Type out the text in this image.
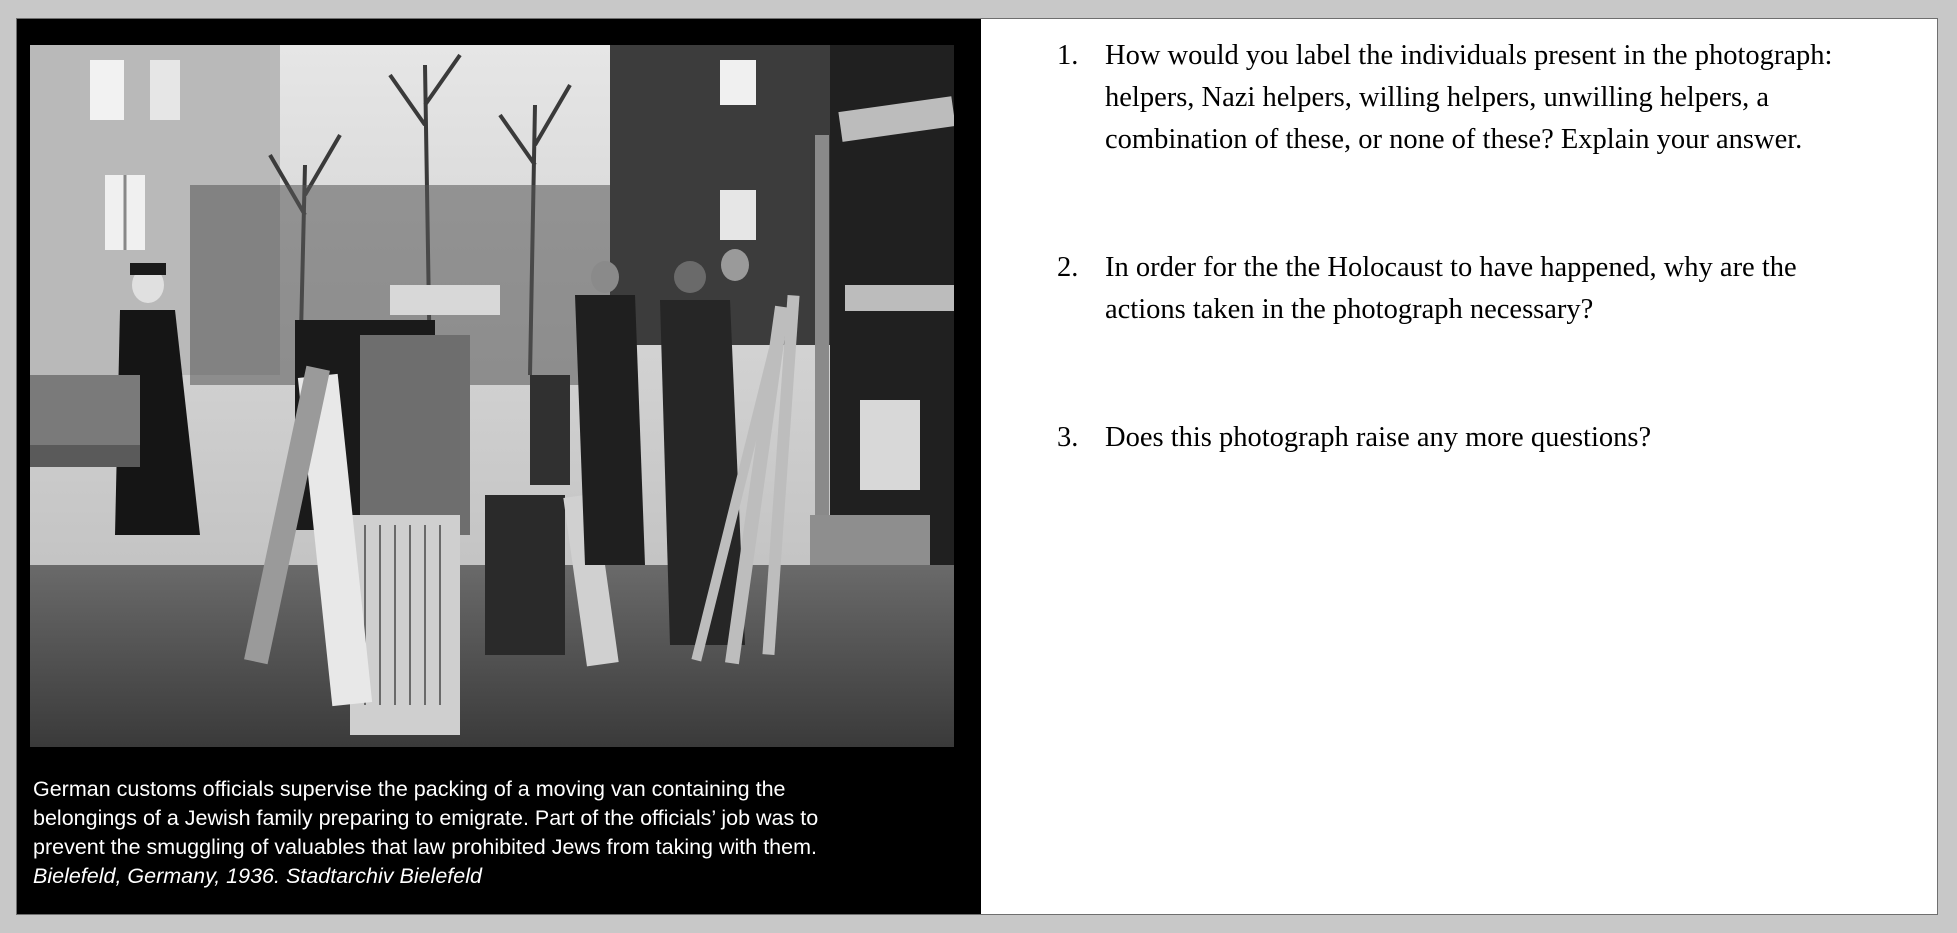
German customs officials supervise the packing of a moving van containing the
belongings of a Jewish family preparing to emigrate. Part of the officials’ job was to
prevent the smuggling of valuables that law prohibited Jews from taking with them.
Bielefeld, Germany, 1936. Stadtarchiv Bielefeld
1. How would you label the individuals present in the photograph:
helpers, Nazi helpers, willing helpers, unwilling helpers, a
combination of these, or none of these? Explain your answer.
2. In order for the the Holocaust to have happened, why are the
actions taken in the photograph necessary?
3. Does this photograph raise any more questions?
